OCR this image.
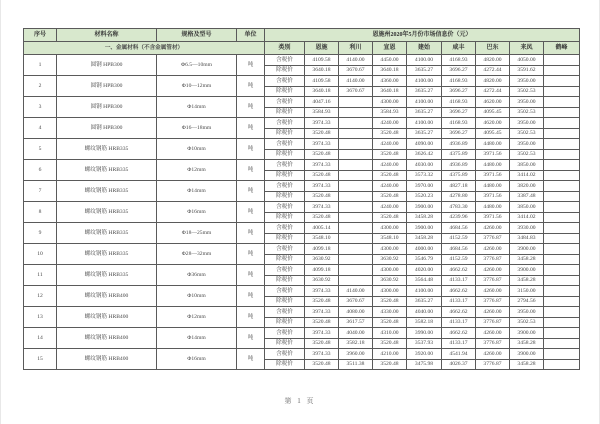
序号	材料名称	规格及型号	单位	恩施州2020年5月份市场信息价（元）								
一、金属材料（不含金属管材）				类别	恩施	利川	宣恩	建始	咸丰	巴东	来凤	鹤峰
1	圆钢 HPB300	Φ6.5—10mm	吨	含税价	4109.58	4140.00	4450.00	4100.00	4168.93	4820.00	4050.00	
				除税价	3640.18	3670.67	3640.18	3635.27	3696.27	4272.44	3591.62	
2	圆钢 HPB300	Φ10—12mm	吨	含税价	4109.58	4140.00	4360.00	4100.00	4168.93	4820.00	3950.00	
				除税价	3640.18	3670.67	3640.18	3635.27	3696.27	4272.44	3502.53	
3	圆钢 HPB300	Φ14mm	吨	含税价	4047.16		4300.00	4100.00	4168.93	4620.00	3950.00	
				除税价	3584.93		3584.93	3635.27	3696.27	4095.45	3502.53	
4	圆钢 HPB300	Φ16—18mm	吨	含税价	3974.33		4240.00	4100.00	4168.93	4620.00	3950.00	
				除税价	3520.48		3520.48	3635.27	3696.27	4095.45	3502.53	
5	螺纹钢筋 HRB335	Φ10mm	吨	含税价	3974.33		4240.00	4090.00	4936.89	4480.00	3950.00	
				除税价	3520.48		3520.48	3626.42	4375.89	3971.56	3502.53	
6	螺纹钢筋 HRB335	Φ12mm	吨	含税价	3974.33		4240.00	4030.00	4936.89	4480.00	3850.00	
				除税价	3520.48		3520.48	3573.32	4375.89	3971.56	3414.02	
7	螺纹钢筋 HRB335	Φ14mm	吨	含税价	3974.33		4240.00	3970.00	4827.18	4480.00	3820.00	
				除税价	3520.48		3520.48	3520.23	4278.80	3971.56	3387.48	
8	螺纹钢筋 HRB335	Φ16mm	吨	含税价	3974.33		4240.00	3900.00	4783.30	4480.00	3850.00	
				除税价	3520.48		3520.48	3458.28	4239.96	3971.56	3414.02	
9	螺纹钢筋 HRB335	Φ18—25mm	吨	含税价	4005.14		4300.00	3900.00	4684.56	4260.00	3930.00	
				除税价	3548.10		3548.10	3458.28	4152.59	3776.87	3484.83	
10	螺纹钢筋 HRB335	Φ28—32mm	吨	含税价	4099.18		4300.00	4000.00	4684.56	4260.00	3900.00	
				除税价	3630.92		3630.92	3546.79	4152.59	3776.87	3458.28	
11	螺纹钢筋 HRB335	Φ36mm	吨	含税价	4099.18		4300.00	4020.00	4662.62	4260.00	3900.00	
				除税价	3630.92		3630.92	3564.48	4133.17	3776.87	3458.28	
12	螺纹钢筋 HRB400	Φ10mm	吨	含税价	3974.33	4140.00	4300.00	4100.00	4662.62	4260.00	3150.00	
				除税价	3520.48	3670.67	3520.48	3635.27	4133.17	3776.87	2794.56	
13	螺纹钢筋 HRB400	Φ12mm	吨	含税价	3974.33	4080.00	4330.00	4040.00	4662.62	4260.00	3950.00	
				除税价	3520.48	3617.57	3520.48	3582.18	4133.17	3776.87	3502.53	
14	螺纹钢筋 HRB400	Φ14mm	吨	含税价	3974.33	4040.00	4310.00	3990.00	4662.62	4260.00	3900.00	
				除税价	3520.48	3582.18	3520.48	3537.93	4133.17	3776.87	3458.28	
15	螺纹钢筋 HRB400	Φ16mm	吨	含税价	3974.33	3960.00	4210.00	3920.00	4541.94	4260.00	3900.00	
				除税价	3520.48	3511.38	3520.48	3475.98	4026.37	3776.87	3458.28	
第 1 页
